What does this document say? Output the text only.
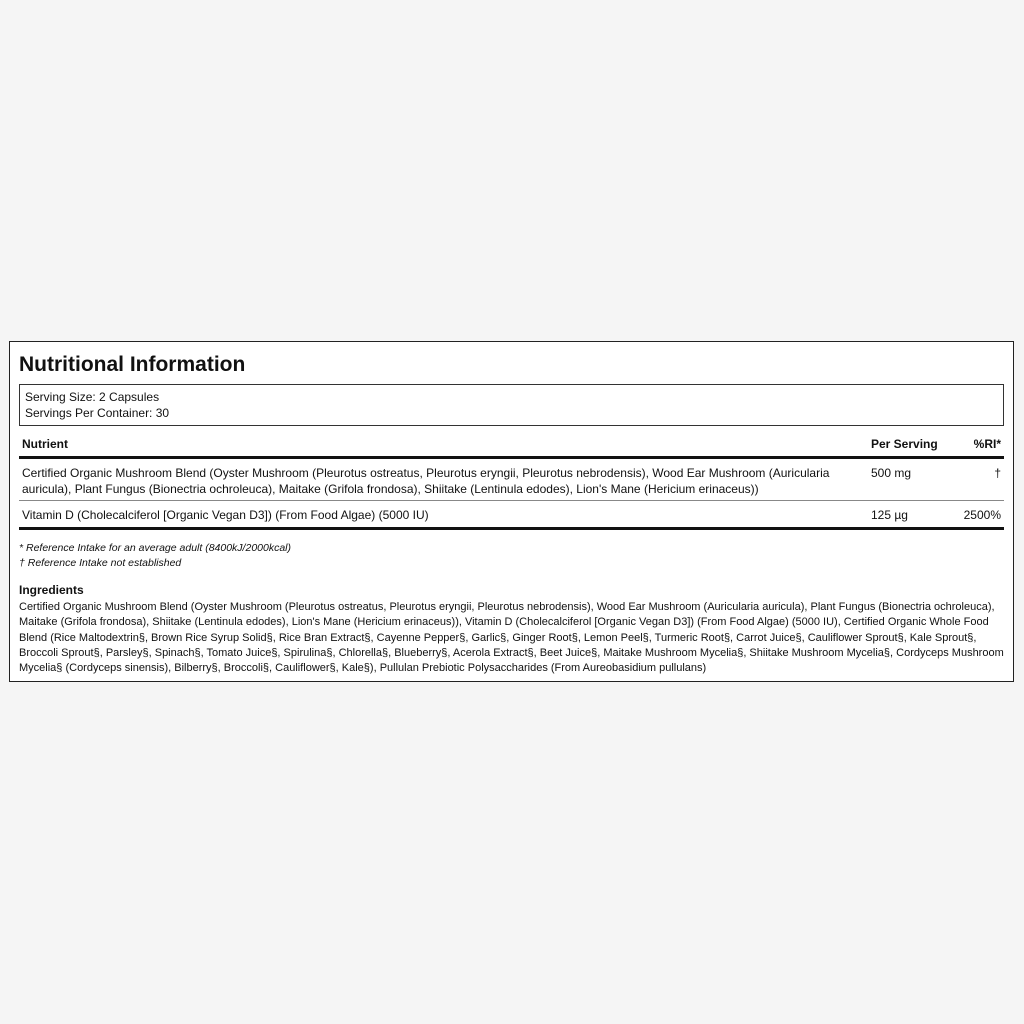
Nutritional Information
Serving Size: 2 Capsules
Servings Per Container: 30
Nutrient	Per Serving	%RI*
Certified Organic Mushroom Blend (Oyster Mushroom (Pleurotus ostreatus, Pleurotus eryngii, Pleurotus nebrodensis), Wood Ear Mushroom (Auricularia auricula), Plant Fungus (Bionectria ochroleuca), Maitake (Grifola frondosa), Shiitake (Lentinula edodes), Lion's Mane (Hericium erinaceus))	500 mg	†
Vitamin D (Cholecalciferol [Organic Vegan D3]) (From Food Algae) (5000 IU)	125 µg	2500%
* Reference Intake for an average adult (8400kJ/2000kcal)
† Reference Intake not established
Ingredients
Certified Organic Mushroom Blend (Oyster Mushroom (Pleurotus ostreatus, Pleurotus eryngii, Pleurotus nebrodensis), Wood Ear Mushroom (Auricularia auricula), Plant Fungus (Bionectria ochroleuca), Maitake (Grifola frondosa), Shiitake (Lentinula edodes), Lion's Mane (Hericium erinaceus)), Vitamin D (Cholecalciferol [Organic Vegan D3]) (From Food Algae) (5000 IU), Certified Organic Whole Food Blend (Rice Maltodextrin§, Brown Rice Syrup Solid§, Rice Bran Extract§, Cayenne Pepper§, Garlic§, Ginger Root§, Lemon Peel§, Turmeric Root§, Carrot Juice§, Cauliflower Sprout§, Kale Sprout§, Broccoli Sprout§, Parsley§, Spinach§, Tomato Juice§, Spirulina§, Chlorella§, Blueberry§, Acerola Extract§, Beet Juice§, Maitake Mushroom Mycelia§, Shiitake Mushroom Mycelia§, Cordyceps Mushroom Mycelia§ (Cordyceps sinensis), Bilberry§, Broccoli§, Cauliflower§, Kale§), Pullulan Prebiotic Polysaccharides (From Aureobasidium pullulans)
